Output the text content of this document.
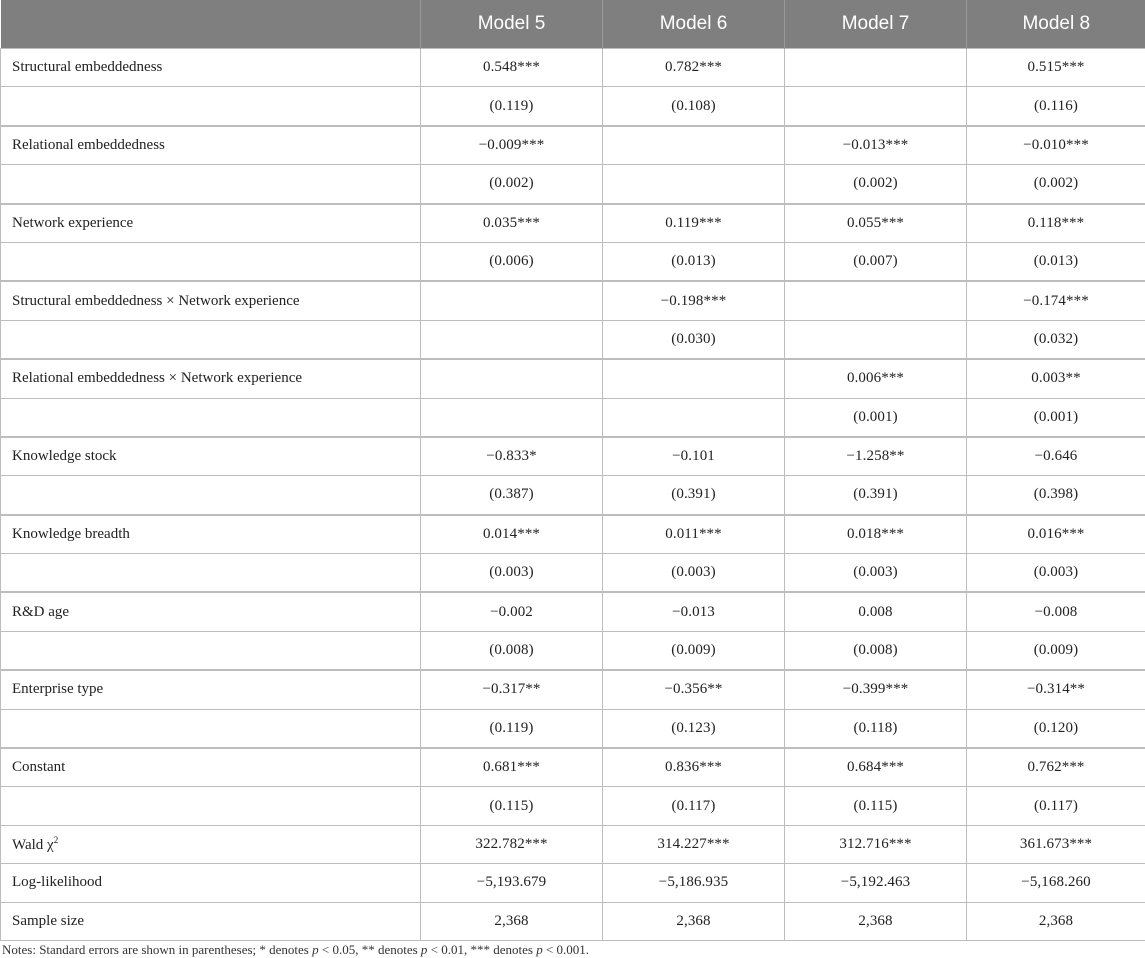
	Model 5	Model 6	Model 7	Model 8
Structural embeddedness	0.548***	0.782***		0.515***
	(0.119)	(0.108)		(0.116)
Relational embeddedness	−0.009***		−0.013***	−0.010***
	(0.002)		(0.002)	(0.002)
Network experience	0.035***	0.119***	0.055***	0.118***
	(0.006)	(0.013)	(0.007)	(0.013)
Structural embeddedness × Network experience		−0.198***		−0.174***
		(0.030)		(0.032)
Relational embeddedness × Network experience			0.006***	0.003**
			(0.001)	(0.001)
Knowledge stock	−0.833*	−0.101	−1.258**	−0.646
	(0.387)	(0.391)	(0.391)	(0.398)
Knowledge breadth	0.014***	0.011***	0.018***	0.016***
	(0.003)	(0.003)	(0.003)	(0.003)
R&D age	−0.002	−0.013	0.008	−0.008
	(0.008)	(0.009)	(0.008)	(0.009)
Enterprise type	−0.317**	−0.356**	−0.399***	−0.314**
	(0.119)	(0.123)	(0.118)	(0.120)
Constant	0.681***	0.836***	0.684***	0.762***
	(0.115)	(0.117)	(0.115)	(0.117)
Wald $\chi^2$	322.782***	314.227***	312.716***	361.673***
Log-likelihood	−5,193.679	−5,186.935	−5,192.463	−5,168.260
Sample size	2,368	2,368	2,368	2,368
Notes: Standard errors are shown in parentheses; * denotes p < 0.05, ** denotes p < 0.01, *** denotes p < 0.001.
